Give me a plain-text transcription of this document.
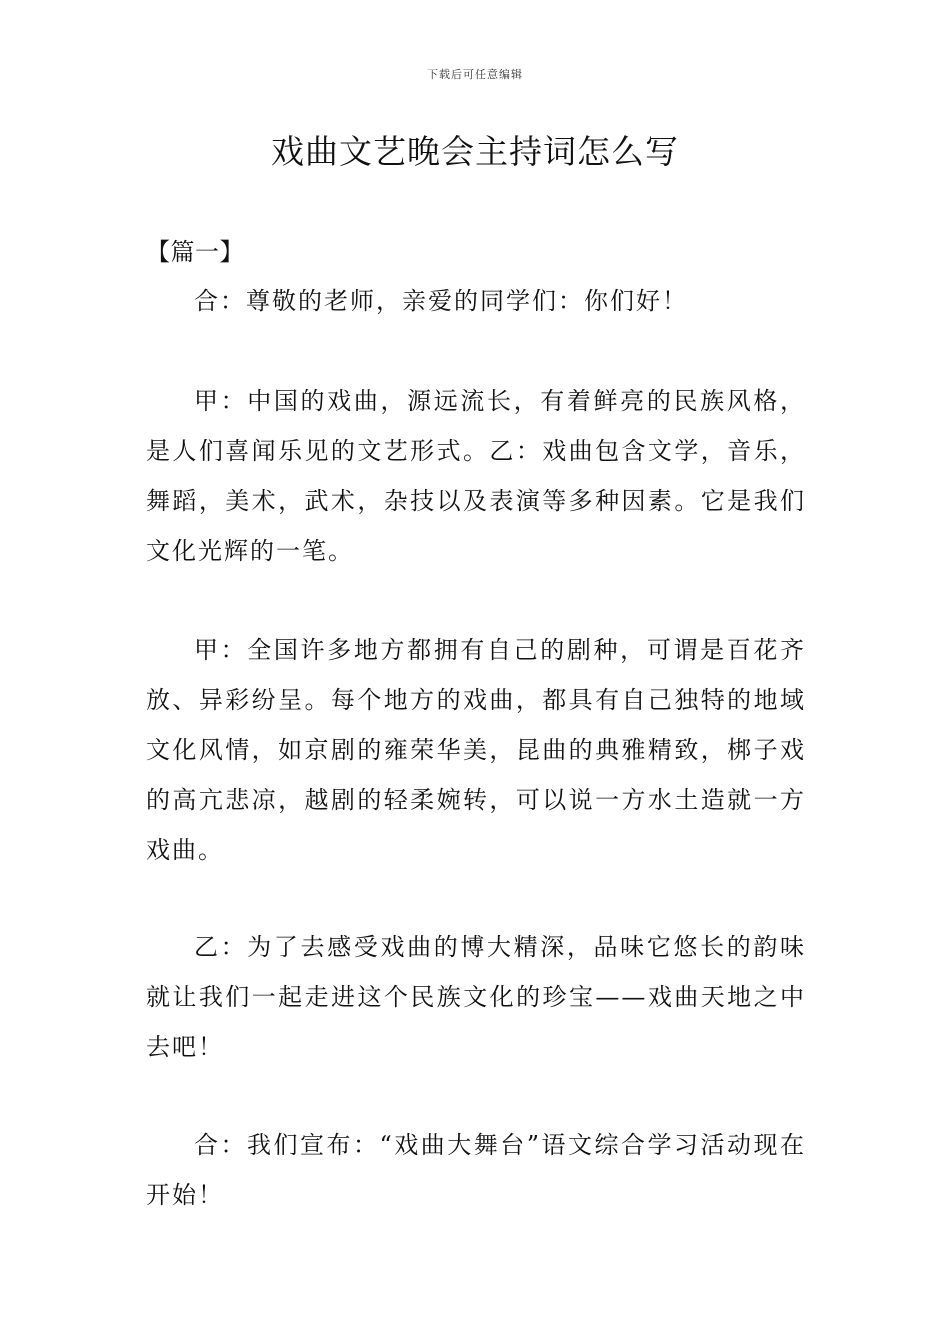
下载后可任意编辑
戏曲文艺晚会主持词怎么写
【篇一】

合：尊敬的老师，亲爱的同学们：你们好！

甲：中国的戏曲，源远流长，有着鲜亮的民族风格，是人们喜闻乐见的文艺形式。乙：戏曲包含文学，音乐，舞蹈，美术，武术，杂技以及表演等多种因素。它是我们文化光辉的一笔。

甲：全国许多地方都拥有自己的剧种，可谓是百花齐放、异彩纷呈。每个地方的戏曲，都具有自己独特的地域文化风情，如京剧的雍荣华美，昆曲的典雅精致，梆子戏的高亢悲凉，越剧的轻柔婉转，可以说一方水土造就一方戏曲。

乙：为了去感受戏曲的博大精深，品味它悠长的韵味就让我们一起走进这个民族文化的珍宝——戏曲天地之中去吧！

合：我们宣布：“戏曲大舞台”语文综合学习活动现在开始！
